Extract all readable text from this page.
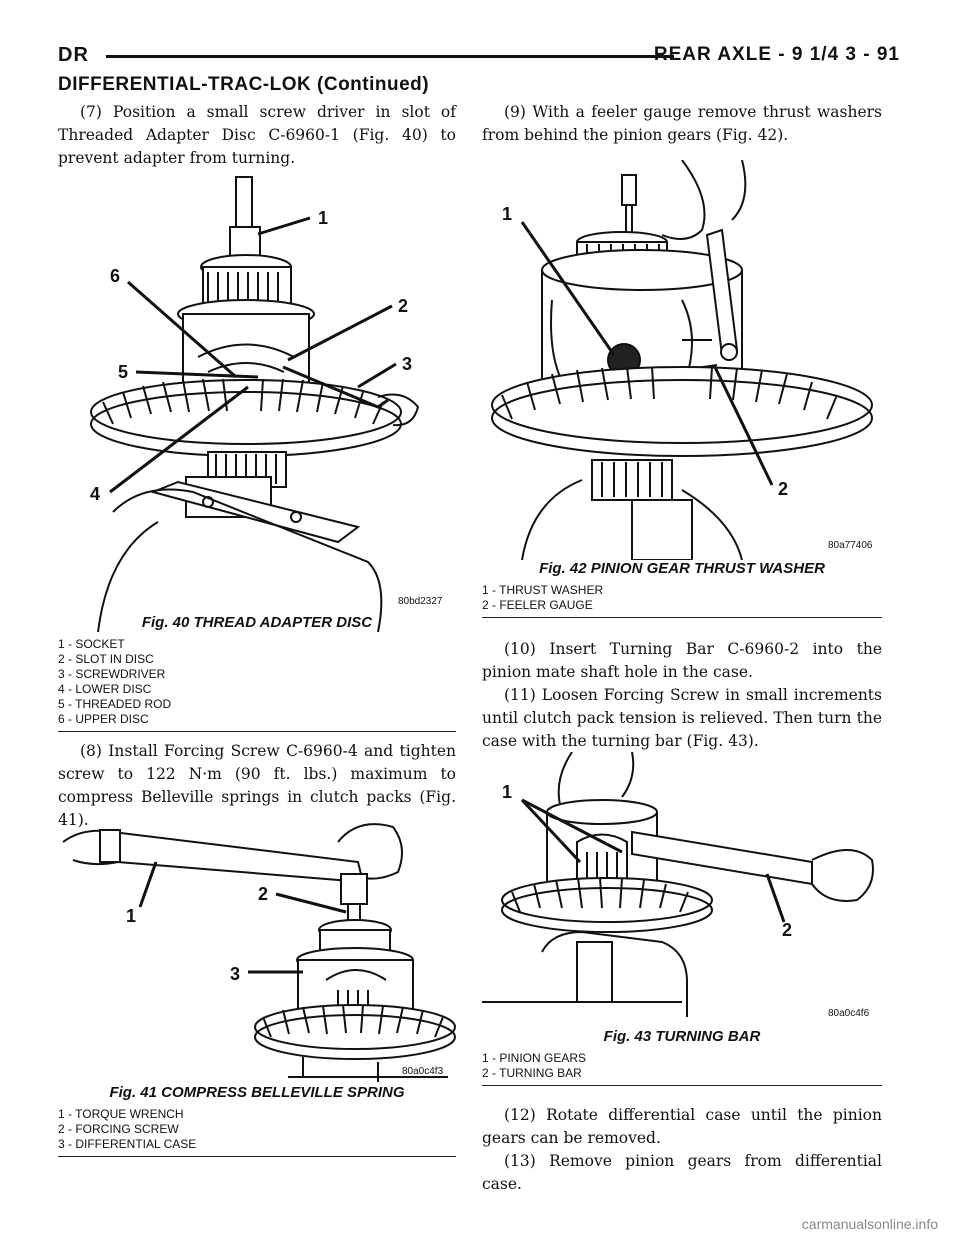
DR	REAR AXLE - 9 1/4 3 - 91
DIFFERENTIAL-TRAC-LOK (Continued)
(7) Position a small screw driver in slot of Threaded Adapter Disc C-6960-1 (Fig. 40) to prevent adapter from turning.
1
2
3
4
5
6
80bd2327
Fig. 40 THREAD ADAPTER DISC
1 - SOCKET
2 - SLOT IN DISC
3 - SCREWDRIVER
4 - LOWER DISC
5 - THREADED ROD
6 - UPPER DISC
(8) Install Forcing Screw C-6960-4 and tighten screw to 122 N·m (90 ft. lbs.) maximum to compress Belleville springs in clutch packs (Fig. 41).
1
2
3
80a0c4f3
Fig. 41 COMPRESS BELLEVILLE SPRING
1 - TORQUE WRENCH
2 - FORCING SCREW
3 - DIFFERENTIAL CASE
(9) With a feeler gauge remove thrust washers from behind the pinion gears (Fig. 42).
1
2
80a77406
Fig. 42 PINION GEAR THRUST WASHER
1 - THRUST WASHER
2 - FEELER GAUGE
(10) Insert Turning Bar C-6960-2 into the pinion mate shaft hole in the case.
(11) Loosen Forcing Screw in small increments until clutch pack tension is relieved. Then turn the case with the turning bar (Fig. 43).
1
2
80a0c4f6
Fig. 43 TURNING BAR
1 - PINION GEARS
2 - TURNING BAR
(12) Rotate differential case until the pinion gears can be removed.
(13) Remove pinion gears from differential case.
carmanualsonline.info
